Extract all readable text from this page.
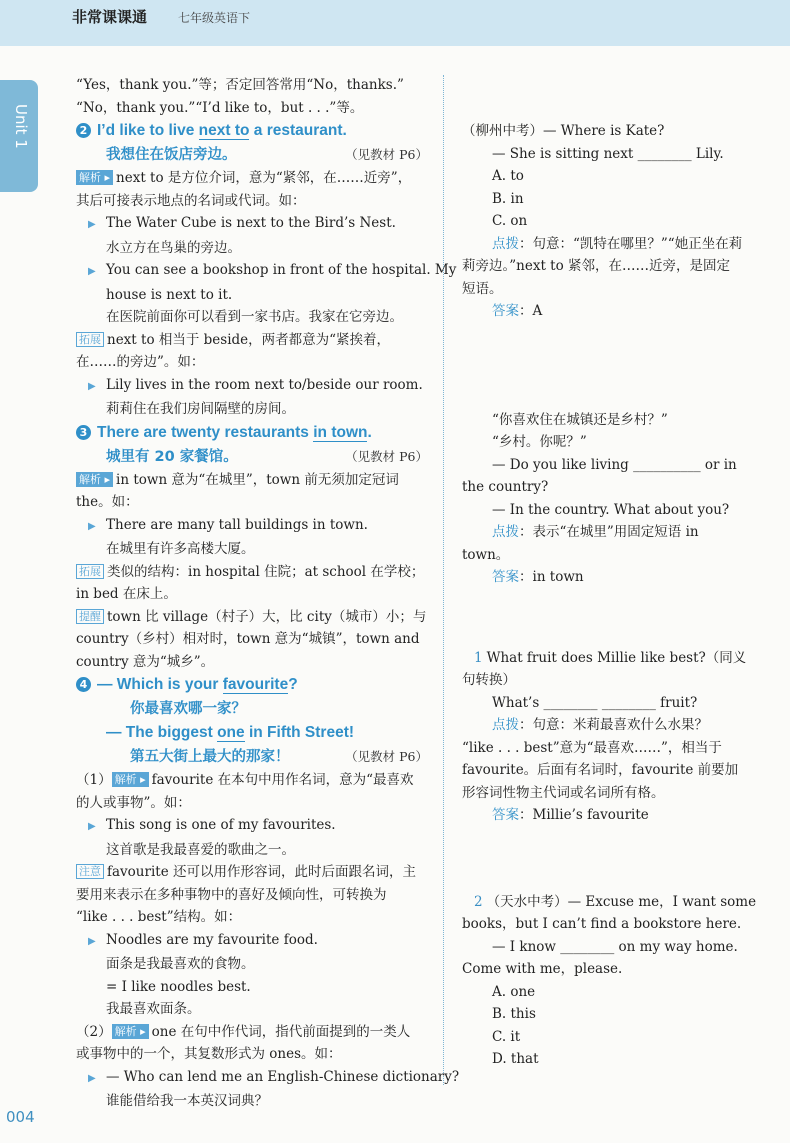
非常课课通	七年级英语下
Unit 1
004
“Yes，thank you.”等；否定回答常用“No，thanks.”
“No，thank you.”“I’d like to，but . . .”等。
2 I’d like to live next to a restaurant.
我想住在饭店旁边。	（见教材 P6）
解析 ▸ next to 是方位介词，意为“紧邻，在……近旁”，
其后可接表示地点的名词或代词。如：
▶ The Water Cube is next to the Bird’s Nest.
水立方在鸟巢的旁边。
▶ You can see a bookshop in front of the hospital. My
house is next to it.
在医院前面你可以看到一家书店。我家在它旁边。
拓展 next to 相当于 beside，两者都意为“紧挨着，
在……的旁边”。如：
▶ Lily lives in the room next to/beside our room.
莉莉住在我们房间隔壁的房间。
3 There are twenty restaurants in town.
城里有 20 家餐馆。	（见教材 P6）
解析 ▸ in town 意为“在城里”，town 前无须加定冠词
the。如：
▶ There are many tall buildings in town.
在城里有许多高楼大厦。
拓展 类似的结构：in hospital 住院；at school 在学校；
in bed 在床上。
提醒 town 比 village（村子）大，比 city（城市）小；与
country（乡村）相对时，town 意为“城镇”，town and
country 意为“城乡”。
4 — Which is your favourite?
你最喜欢哪一家？
— The biggest one in Fifth Street!
第五大街上最大的那家！	（见教材 P6）
（1） 解析 ▸ favourite 在本句中用作名词，意为“最喜欢
的人或事物”。如：
▶ This song is one of my favourites.
这首歌是我最喜爱的歌曲之一。
注意 favourite 还可以用作形容词，此时后面跟名词，主
要用来表示在多种事物中的喜好及倾向性，可转换为
“like . . . best”结构。如：
▶ Noodles are my favourite food.
面条是我最喜欢的食物。
= I like noodles best.
我最喜欢面条。
（2） 解析 ▸ one 在句中作代词，指代前面提到的一类人
或事物中的一个，其复数形式为 ones。如：
▶ — Who can lend me an English-Chinese dictionary?
谁能借给我一本英汉词典？
（柳州中考）— Where is Kate?
— She is sitting next ________ Lily.
A. to
B. in
C. on
点拨：句意：“凯特在哪里？”“她正坐在莉
莉旁边。”next to 紧邻，在……近旁，是固定
短语。
答案：A
“你喜欢住在城镇还是乡村？”
“乡村。你呢？”
— Do you like living __________ or in
the country?
— In the country. What about you?
点拨：表示“在城里”用固定短语 in
town。
答案：in town
1 What fruit does Millie like best?（同义
句转换）
What’s ________ ________ fruit?
点拨：句意：米莉最喜欢什么水果？
“like . . . best”意为“最喜欢……”，相当于
favourite。后面有名词时，favourite 前要加
形容词性物主代词或名词所有格。
答案：Millie’s favourite
2 （天水中考）— Excuse me，I want some
books，but I can’t find a bookstore here.
— I know ________ on my way home.
Come with me，please.
A. one
B. this
C. it
D. that
